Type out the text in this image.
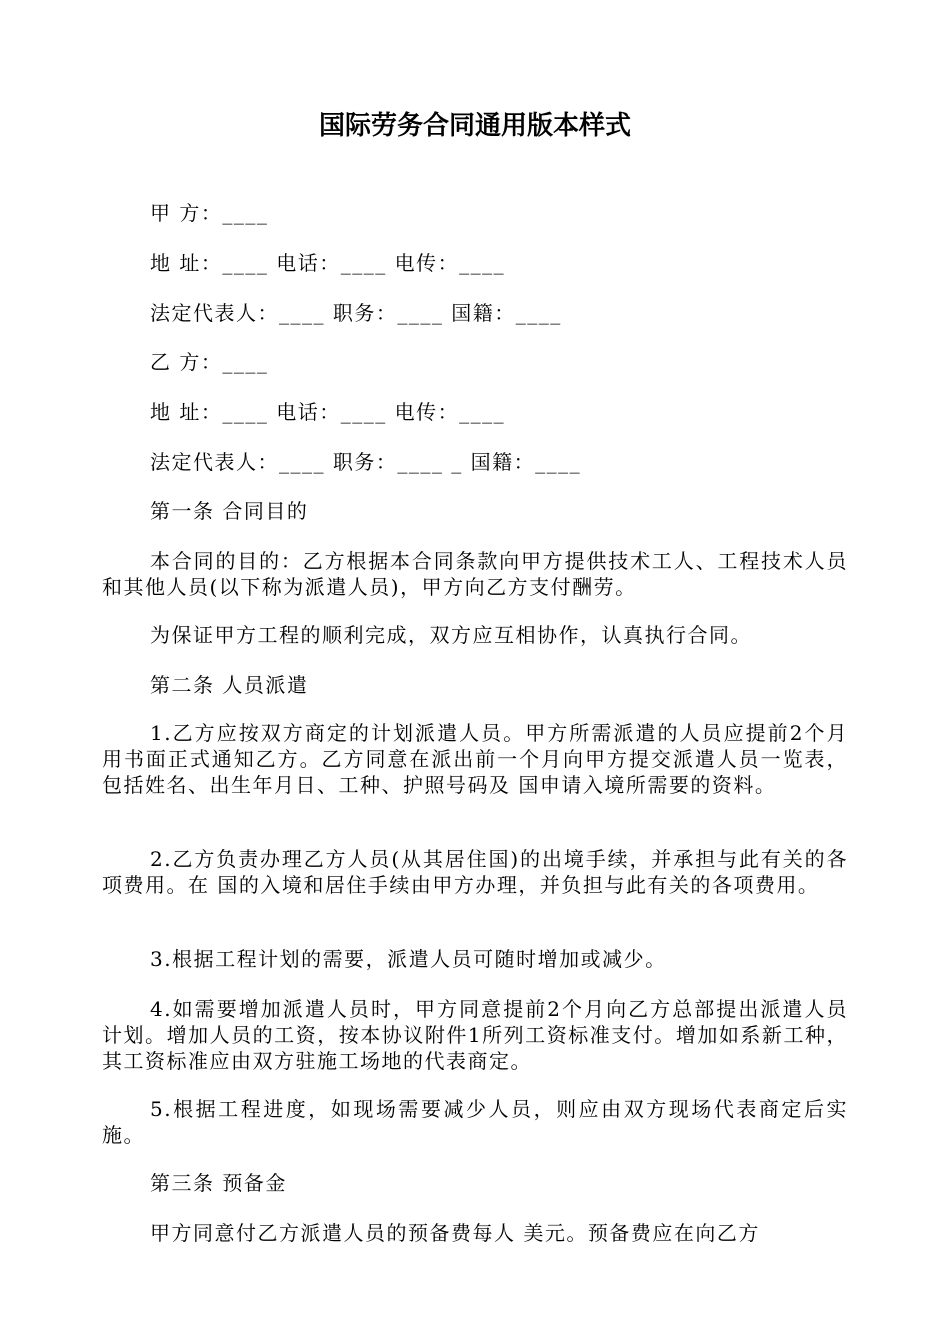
国际劳务合同通用版本样式
甲 方：____
地 址：____ 电话：____ 电传：____
法定代表人：____ 职务：____ 国籍：____
乙 方：____
地 址：____ 电话：____ 电传：____
法定代表人：____ 职务：____ _ 国籍：____
第一条 合同目的
本合同的目的：乙方根据本合同条款向甲方提供技术工人、工程技术人员和其他人员(以下称为派遣人员)，甲方向乙方支付酬劳。
为保证甲方工程的顺利完成，双方应互相协作，认真执行合同。
第二条 人员派遣
1.乙方应按双方商定的计划派遣人员。甲方所需派遣的人员应提前2个月用书面正式通知乙方。乙方同意在派出前一个月向甲方提交派遣人员一览表，包括姓名、出生年月日、工种、护照号码及 国申请入境所需要的资料。
2.乙方负责办理乙方人员(从其居住国)的出境手续，并承担与此有关的各项费用。在 国的入境和居住手续由甲方办理，并负担与此有关的各项费用。
3.根据工程计划的需要，派遣人员可随时增加或减少。
4.如需要增加派遣人员时，甲方同意提前2个月向乙方总部提出派遣人员计划。增加人员的工资，按本协议附件1所列工资标准支付。增加如系新工种，其工资标准应由双方驻施工场地的代表商定。
5.根据工程进度，如现场需要减少人员，则应由双方现场代表商定后实施。
第三条 预备金
甲方同意付乙方派遣人员的预备费每人 美元。预备费应在向乙方
